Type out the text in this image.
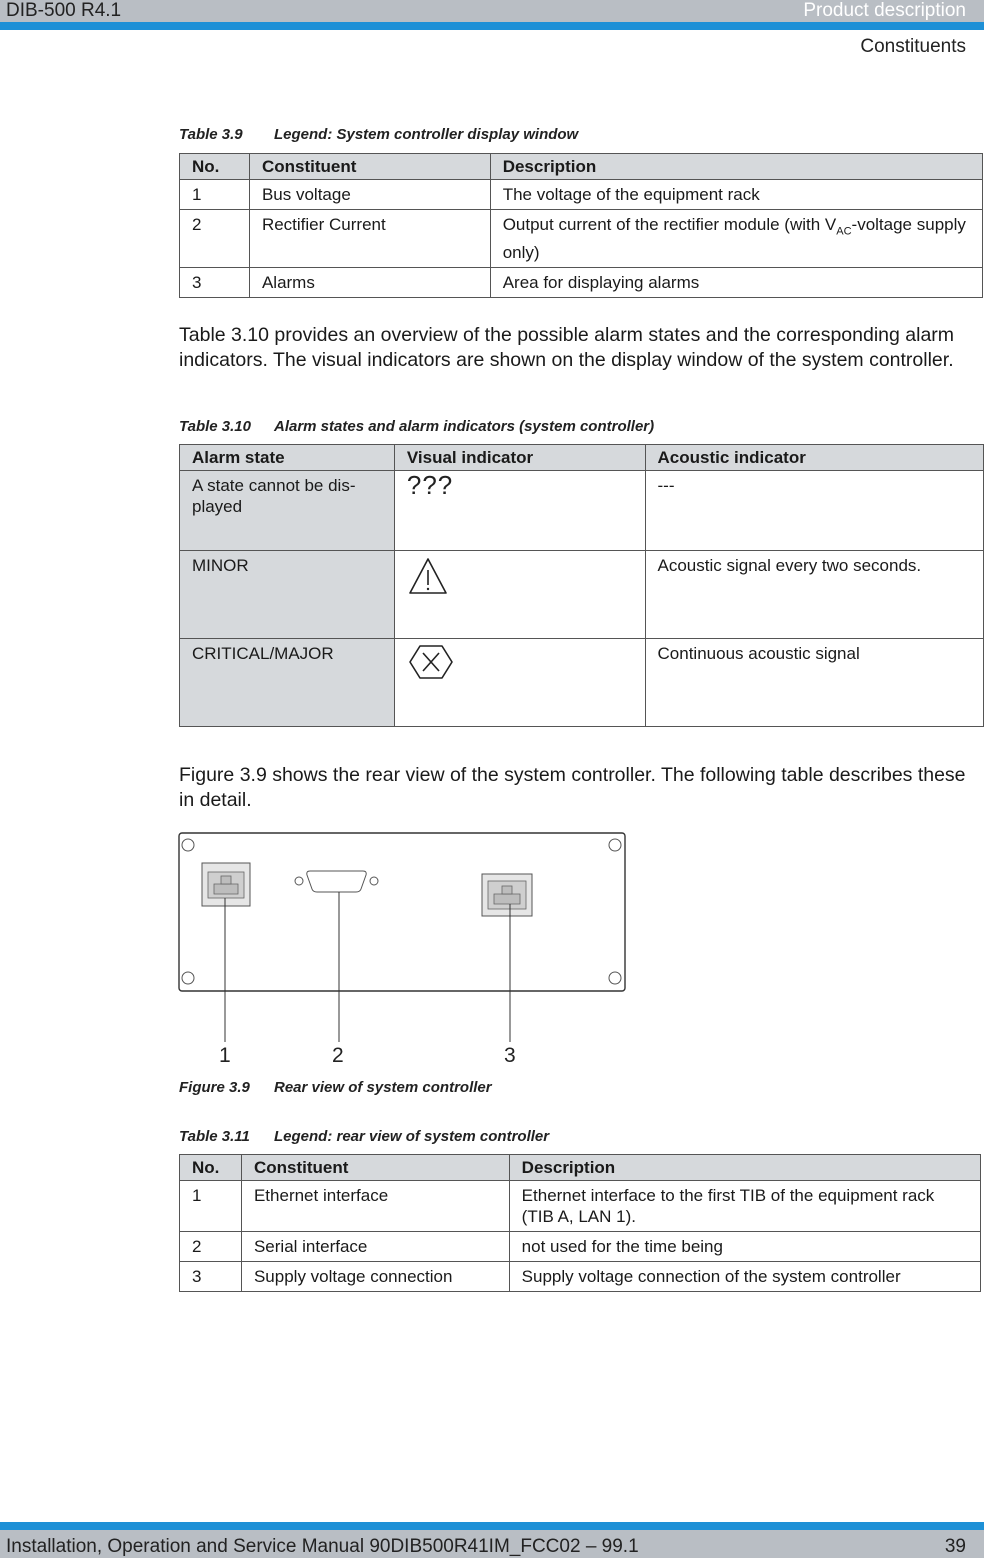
DIB-500 R4.1	Product description
Constituents
Table 3.9 Legend: System controller display window
No.	Constituent	Description
1	Bus voltage	The voltage of the equipment rack
2	Rectifier Current	Output current of the rectifier module (with $V_{AC}$-voltage supply only)
3	Alarms	Area for displaying alarms

Table 3.10 provides an overview of the possible alarm states and the corresponding alarm indicators. The visual indicators are shown on the display window of the system controller.

Table 3.10 Alarm states and alarm indicators (system controller)
Alarm state	Visual indicator	Acoustic indicator
A state cannot be dis-played	???	---
MINOR		Acoustic signal every two seconds.
CRITICAL/MAJOR		Continuous acoustic signal

Figure 3.9 shows the rear view of the system controller. The following table describes these in detail.

1	2	3
Figure 3.9 Rear view of system controller
Table 3.11 Legend: rear view of system controller
No.	Constituent	Description
1	Ethernet interface	Ethernet interface to the first TIB of the equipment rack (TIB A, LAN 1).
2	Serial interface	not used for the time being
3	Supply voltage connection	Supply voltage connection of the system controller
Installation, Operation and Service Manual 90DIB500R41IM_FCC02 – 99.1	39
